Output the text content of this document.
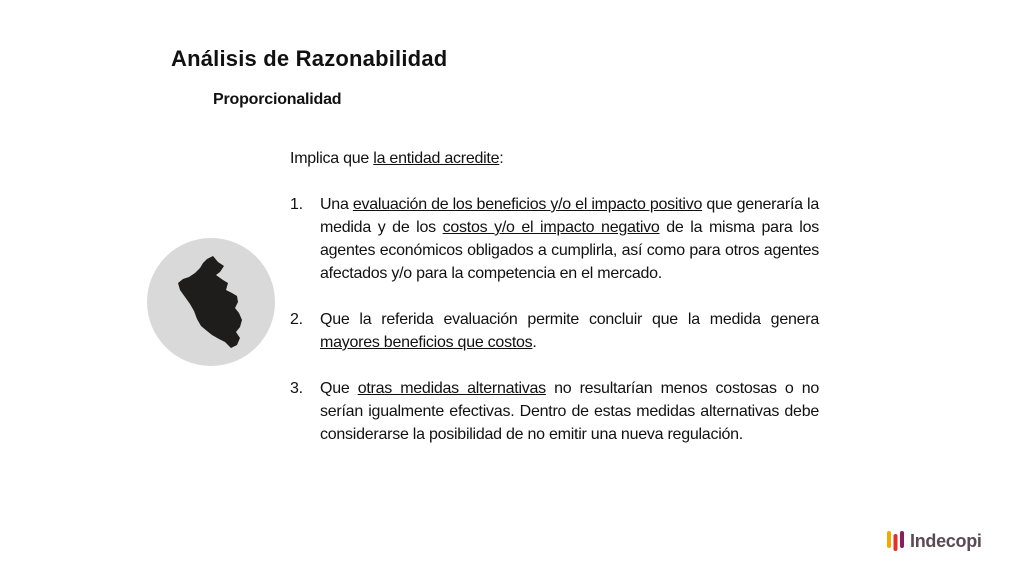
Análisis de Razonabilidad
Proporcionalidad

Implica que la entidad acredite:

1. Una evaluación de los beneficios y/o el impacto positivo que generaría la medida y de los costos y/o el impacto negativo de la misma para los agentes económicos obligados a cumplirla, así como para otros agentes afectados y/o para la competencia en el mercado.
2. Que la referida evaluación permite concluir que la medida genera mayores beneficios que costos.
3. Que otras medidas alternativas no resultarían menos costosas o no serían igualmente efectivas. Dentro de estas medidas alternativas debe considerarse la posibilidad de no emitir una nueva regulación.
Indecopi
